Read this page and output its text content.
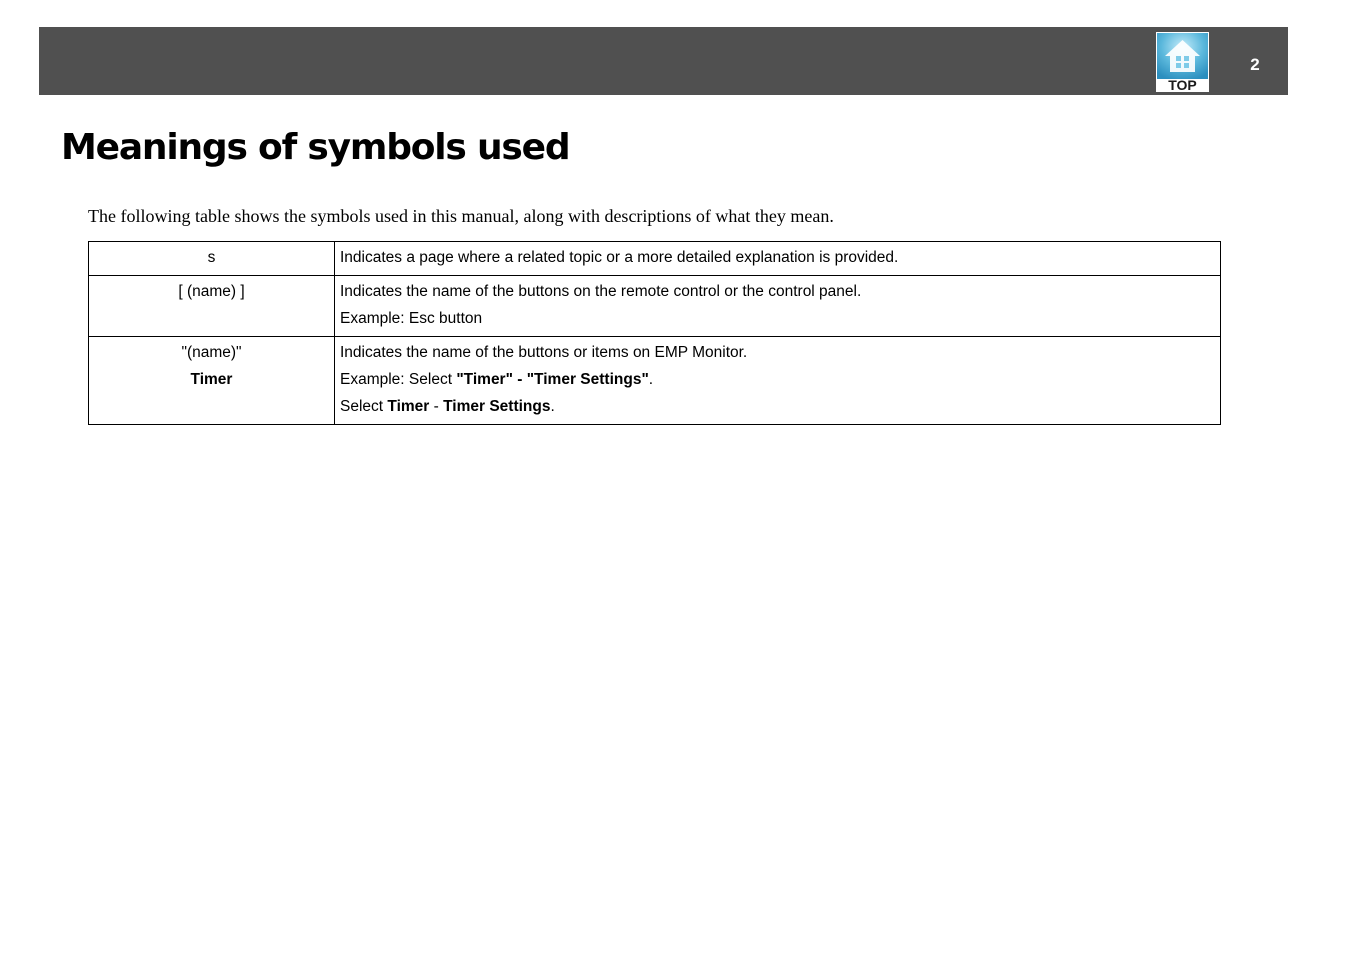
TOP
2
Meanings of symbols used

The following table shows the symbols used in this manual, along with descriptions of what they mean.

s	Indicates a page where a related topic or a more detailed explanation is provided.

[ (name) ]	Indicates the name of the buttons on the remote control or the control panel.
Example: Esc button

"(name)"
Timer	Indicates the name of the buttons or items on EMP Monitor.
Example: Select "Timer" - "Timer Settings".
Select Timer - Timer Settings.
